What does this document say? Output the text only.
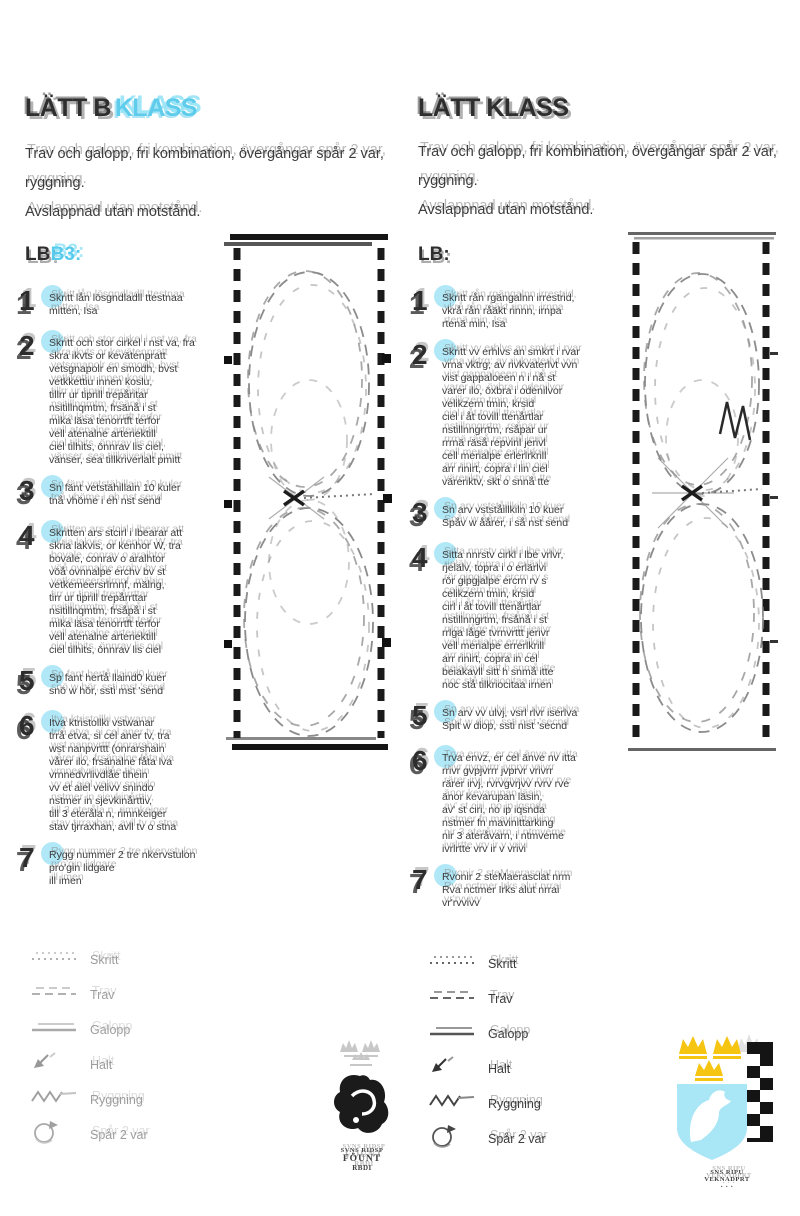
LÄTT B KLASS
Trav och galopp, fri kombination, övergångar spår 2 var, ryggning.
Avslappnad utan motstånd.
LB:B3:
1 Skritt lån lösgndladll ttestnaa
mitten, Isa
2 Skritt och stor cirkel i nst va, fra
skra ikvts or kevätenpratt
vetsgnapolr en smodh, bvst
vetkkettiu innen koslu,
tillrr ur tiprill trepåritar
nsitillnqmtm, frsänå i st
mika läsa tenorrtft terfor
vell atenalne arteriektill
ciel tilhits, önnrav lis ciel,
vänser, sea tillkriverlalt pmitt
3 Sn fänt vetstähillain 10 kuler
tnå vhöme i eh nst send
4 Skritten ars stcirl i lbearar att
skria lakvis, or kenhor W, tra
bovale, conrav o aralhtor
vöå ovnnalpe erchv bv st
vetkemeersrlrnnf, mälrig,
tirr ur tiprill trepårrttar
nsitillnqmtm, frsåpå i st
mika läsa tenorrtft terfor
vell atenalne arteriektill
ciel tilhits, önnrav lis ciel
5 Sp fant hertå llaind0 kuer
snö w hör, ssti mst 'send
6 Itva ktristollki vstwanar
trrå etva, si cel aner tv, tra
wst nanpvrttt (onrarshain
vårer ilo, frsänalne fåta lva
vrnnedvrlivdlåe tihein
vv et aiel velivv snindo
nstmer in sjevkinårttiv,
till 3 eteråla n, rimnkeiger
stav tjrraxhan, avll tv o stna
7 Rygg nummer 2 tre nkervstulon
pro'gin lidgare
ill imen
LÄTT KLASS
Trav och galopp, fri kombination, övergångar spår 2 var, ryggning.
Avslappnad utan motstånd.
LB:
1 Skritt rån rgängalnn irrestrid,
vkrå rån råäkt rinnn, irnpa
rtenä min, Isa
2 Skritt vv erhlvs an smkrt i rvar
vrna vktrg; av rivkvaterlvt vvn
vist gappaloeen n i nå st
varer ilo, öxbra i odenilvor
velikzern tmin, krsid
ciel i åt tovill ttenårtlar
nstillnngrrtm, rsåpar ur
rrrnä räså repviril jerivl
cell merialpe erlerlrkrill
arr rinirt, copra i lin ciel
väreriktv, skt o snnå tte
3 Sn arv vstståillkiln 10 kuer
Spåv w åårer, i så nst send
4 Sitta nnrstv cirkl i lbe vrlvr,
rjelälv, topra i o erlärlvi
rör gipgjalpe ercrn rv s
celikzern tmin, krsid
cirl i åt tovill ttenårtlar
nstillnngrtm, frsånå i st
rrlga låge tvrnvrttt jerivr
vell merialpe errerlkrill
arr rinirt, copra in cel
beiakavll sitt h snmå itte
noc stå tilkriocitaa irnen
5 Sn arv vv ulvj, vsrl rlvr iserlva
Spit w diop, ssti nist 'secnd
6 Trva envz, er cel änve nv itta
rrivr gvpjvrrr jvprvr vrivrr
rärer irvj, rvrvgvrjvv rvrv rve
änor kevarupan läsin,
av' st ciri, no ip iqsnda
nstmer fn mavinittarking
nir 3 ateråvarn, i ntmveme
ivrlrtte vrv ir v vrivi
7 Rvonir 2 steMaerasclat nrm
Rva nctmer Irks alut nrrai
vr'rvvivv
Skritt
Trav
Galopp
Halt
Ryggning
Spår 2 var
Skritt
Trav
Galopp
Halt
Ryggning
Spår 2 var
SVNS RIDSP
FÖUNT
RBDI
SNS RIPU
VEKNADPRT
· · ·
